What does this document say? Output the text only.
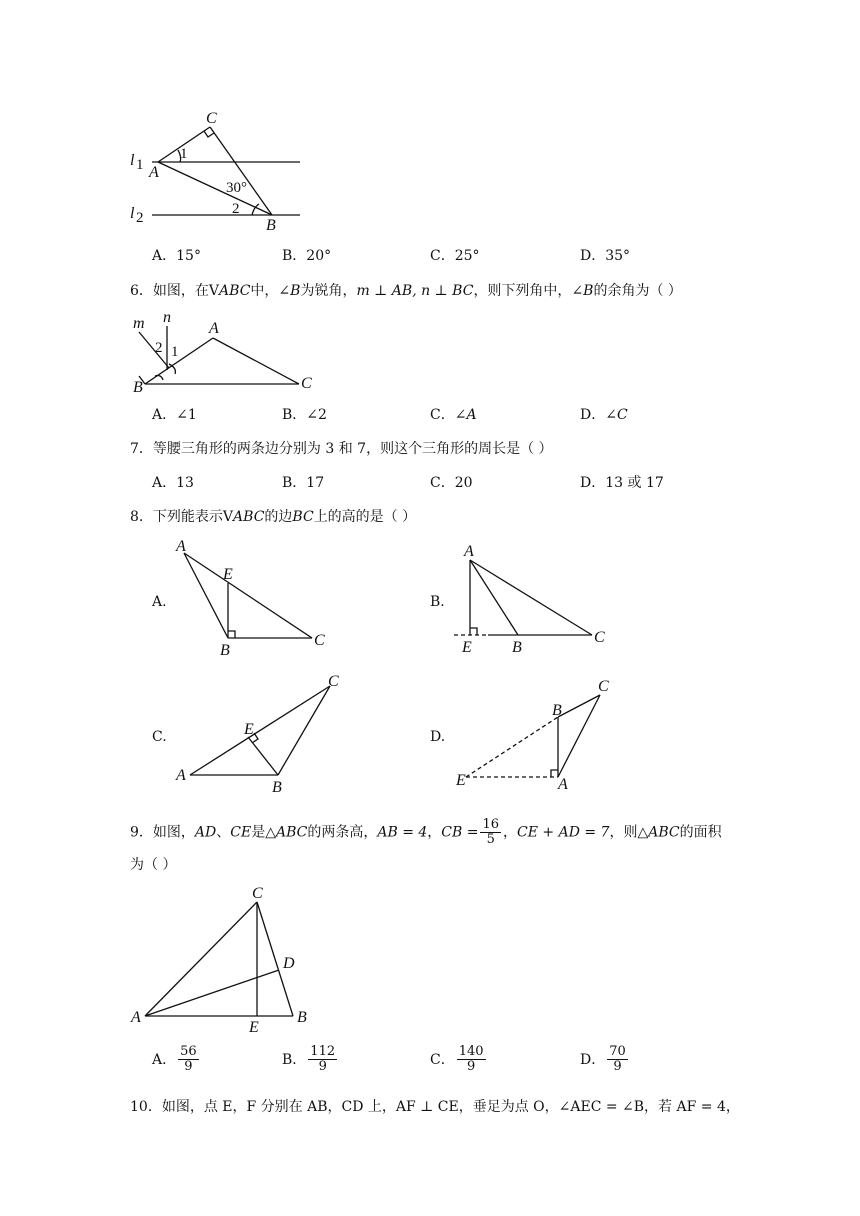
C
A
B
l 1
l 2
1
2
30°
A．15°	B．20°	C．25°	D．35°
6．如图，在VABC中，∠B为锐角，m ⊥ AB, n ⊥ BC，则下列角中，∠B的余角为（ ）
m n
A
B	C
2 1
A．∠1	B．∠2	C．∠A	D．∠C
7．等腰三角形的两条边分别为 3 和 7，则这个三角形的周长是（ ）
A．13	B．17	C．20	D．13 或 17
8．下列能表示VABC的边BC上的高的是（ ）
A.
A
E
B
C
B.
A
E	B
C
C.
C
E
A
B
D.
C
B
E	A
9．如图，AD、CE是△ABC的两条高，AB = 4，CB = $\frac{16}{5}$ ，CE + AD = 7，则△ABC的面积
为（ ）
C
D
A
E
B
A． $\frac{56}{9}$	B． $\frac{112}{9}$	C． $\frac{140}{9}$	D． $\frac{70}{9}$
10．如图，点 E，F 分别在 AB，CD 上，AF ⊥ CE，垂足为点 O，∠AEC = ∠B，若 AF = 4，
